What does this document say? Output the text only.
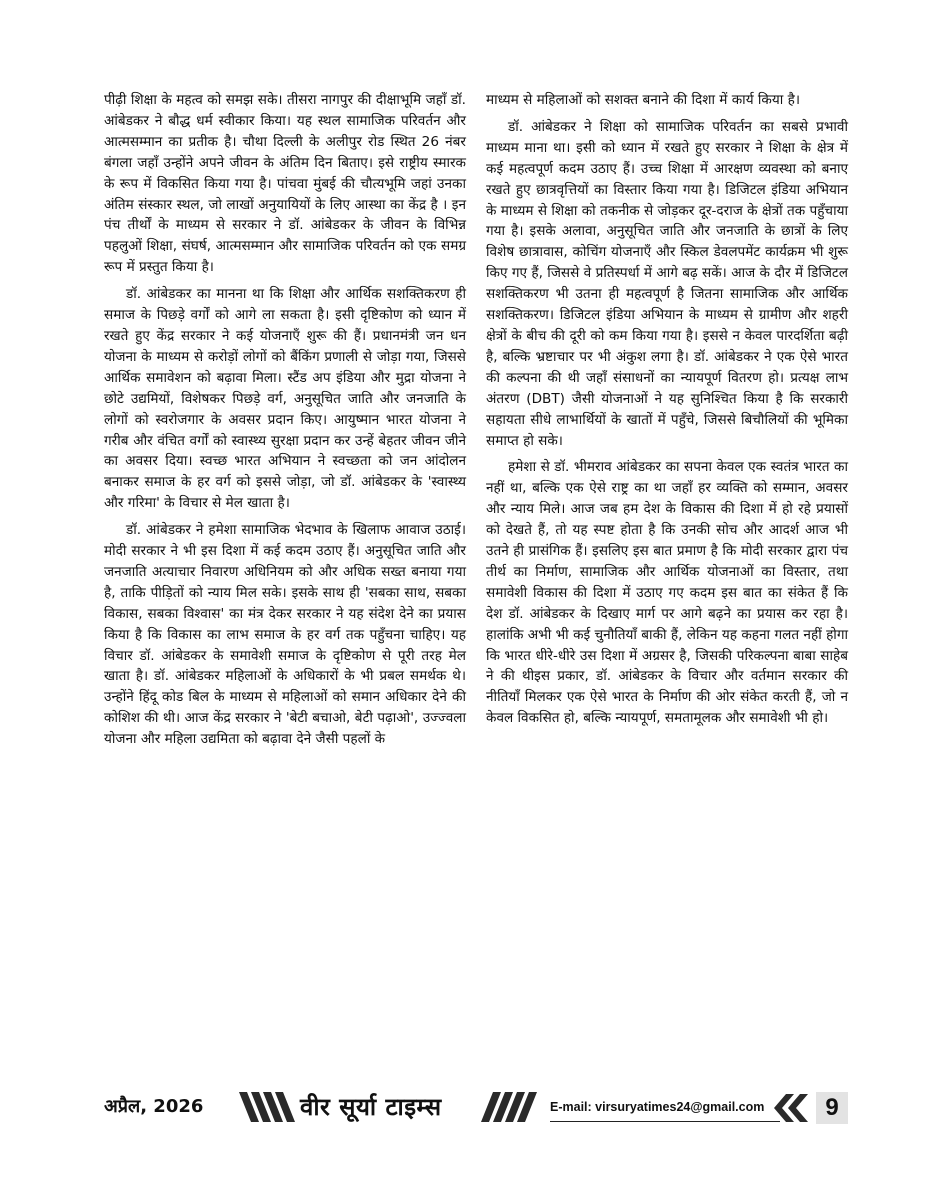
पीढ़ी शिक्षा के महत्व को समझ सके। तीसरा नागपुर की दीक्षाभूमि जहाँ डॉ. आंबेडकर ने बौद्ध धर्म स्वीकार किया। यह स्थल सामाजिक परिवर्तन और आत्मसम्मान का प्रतीक है। चौथा दिल्ली के अलीपुर रोड स्थित 26 नंबर बंगला जहाँ उन्होंने अपने जीवन के अंतिम दिन बिताए। इसे राष्ट्रीय स्मारक के रूप में विकसित किया गया है। पांचवा मुंबई की चौत्यभूमि जहां उनका अंतिम संस्कार स्थल, जो लाखों अनुयायियों के लिए आस्था का केंद्र है । इन पंच तीर्थों के माध्यम से सरकार ने डॉ. आंबेडकर के जीवन के विभिन्न पहलुओं शिक्षा, संघर्ष, आत्मसम्मान और सामाजिक परिवर्तन को एक समग्र रूप में प्रस्तुत किया है।

डॉ. आंबेडकर का मानना था कि शिक्षा और आर्थिक सशक्तिकरण ही समाज के पिछड़े वर्गों को आगे ला सकता है। इसी दृष्टिकोण को ध्यान में रखते हुए केंद्र सरकार ने कई योजनाएँ शुरू की हैं। प्रधानमंत्री जन धन योजना के माध्यम से करोड़ों लोगों को बैंकिंग प्रणाली से जोड़ा गया, जिससे आर्थिक समावेशन को बढ़ावा मिला। स्टैंड अप इंडिया और मुद्रा योजना ने छोटे उद्यमियों, विशेषकर पिछड़े वर्ग, अनुसूचित जाति और जनजाति के लोगों को स्वरोजगार के अवसर प्रदान किए। आयुष्मान भारत योजना ने गरीब और वंचित वर्गों को स्वास्थ्य सुरक्षा प्रदान कर उन्हें बेहतर जीवन जीने का अवसर दिया। स्वच्छ भारत अभियान ने स्वच्छता को जन आंदोलन बनाकर समाज के हर वर्ग को इससे जोड़ा, जो डॉ. आंबेडकर के 'स्वास्थ्य और गरिमा' के विचार से मेल खाता है।

डॉ. आंबेडकर ने हमेशा सामाजिक भेदभाव के खिलाफ आवाज उठाई। मोदी सरकार ने भी इस दिशा में कई कदम उठाए हैं। अनुसूचित जाति और जनजाति अत्याचार निवारण अधिनियम को और अधिक सख्त बनाया गया है, ताकि पीड़ितों को न्याय मिल सके। इसके साथ ही 'सबका साथ, सबका विकास, सबका विश्वास' का मंत्र देकर सरकार ने यह संदेश देने का प्रयास किया है कि विकास का लाभ समाज के हर वर्ग तक पहुँचना चाहिए। यह विचार डॉ. आंबेडकर के समावेशी समाज के दृष्टिकोण से पूरी तरह मेल खाता है। डॉ. आंबेडकर महिलाओं के अधिकारों के भी प्रबल समर्थक थे। उन्होंने हिंदू कोड बिल के माध्यम से महिलाओं को समान अधिकार देने की कोशिश की थी। आज केंद्र सरकार ने 'बेटी बचाओ, बेटी पढ़ाओ', उज्ज्वला योजना और महिला उद्यमिता को बढ़ावा देने जैसी पहलों के

माध्यम से महिलाओं को सशक्त बनाने की दिशा में कार्य किया है।

डॉ. आंबेडकर ने शिक्षा को सामाजिक परिवर्तन का सबसे प्रभावी माध्यम माना था। इसी को ध्यान में रखते हुए सरकार ने शिक्षा के क्षेत्र में कई महत्वपूर्ण कदम उठाए हैं। उच्च शिक्षा में आरक्षण व्यवस्था को बनाए रखते हुए छात्रवृत्तियों का विस्तार किया गया है। डिजिटल इंडिया अभियान के माध्यम से शिक्षा को तकनीक से जोड़कर दूर-दराज के क्षेत्रों तक पहुँचाया गया है। इसके अलावा, अनुसूचित जाति और जनजाति के छात्रों के लिए विशेष छात्रावास, कोचिंग योजनाएँ और स्किल डेवलपमेंट कार्यक्रम भी शुरू किए गए हैं, जिससे वे प्रतिस्पर्धा में आगे बढ़ सकें। आज के दौर में डिजिटल सशक्तिकरण भी उतना ही महत्वपूर्ण है जितना सामाजिक और आर्थिक सशक्तिकरण। डिजिटल इंडिया अभियान के माध्यम से ग्रामीण और शहरी क्षेत्रों के बीच की दूरी को कम किया गया है। इससे न केवल पारदर्शिता बढ़ी है, बल्कि भ्रष्टाचार पर भी अंकुश लगा है। डॉ. आंबेडकर ने एक ऐसे भारत की कल्पना की थी जहाँ संसाधनों का न्यायपूर्ण वितरण हो। प्रत्यक्ष लाभ अंतरण (DBT) जैसी योजनाओं ने यह सुनिश्चित किया है कि सरकारी सहायता सीधे लाभार्थियों के खातों में पहुँचे, जिससे बिचौलियों की भूमिका समाप्त हो सके।

हमेशा से डॉ. भीमराव आंबेडकर का सपना केवल एक स्वतंत्र भारत का नहीं था, बल्कि एक ऐसे राष्ट्र का था जहाँ हर व्यक्ति को सम्मान, अवसर और न्याय मिले। आज जब हम देश के विकास की दिशा में हो रहे प्रयासों को देखते हैं, तो यह स्पष्ट होता है कि उनकी सोच और आदर्श आज भी उतने ही प्रासंगिक हैं। इसलिए इस बात प्रमाण है कि मोदी सरकार द्वारा पंच तीर्थ का निर्माण, सामाजिक और आर्थिक योजनाओं का विस्तार, तथा समावेशी विकास की दिशा में उठाए गए कदम इस बात का संकेत हैं कि देश डॉ. आंबेडकर के दिखाए मार्ग पर आगे बढ़ने का प्रयास कर रहा है। हालांकि अभी भी कई चुनौतियाँ बाकी हैं, लेकिन यह कहना गलत नहीं होगा कि भारत धीरे-धीरे उस दिशा में अग्रसर है, जिसकी परिकल्पना बाबा साहेब ने की थीइस प्रकार, डॉ. आंबेडकर के विचार और वर्तमान सरकार की नीतियाँ मिलकर एक ऐसे भारत के निर्माण की ओर संकेत करती हैं, जो न केवल विकसित हो, बल्कि न्यायपूर्ण, समतामूलक और समावेशी भी हो।

अप्रैल, 2026	वीर सूर्या टाइम्स	E-mail: virsuryatimes24@gmail.com	9
